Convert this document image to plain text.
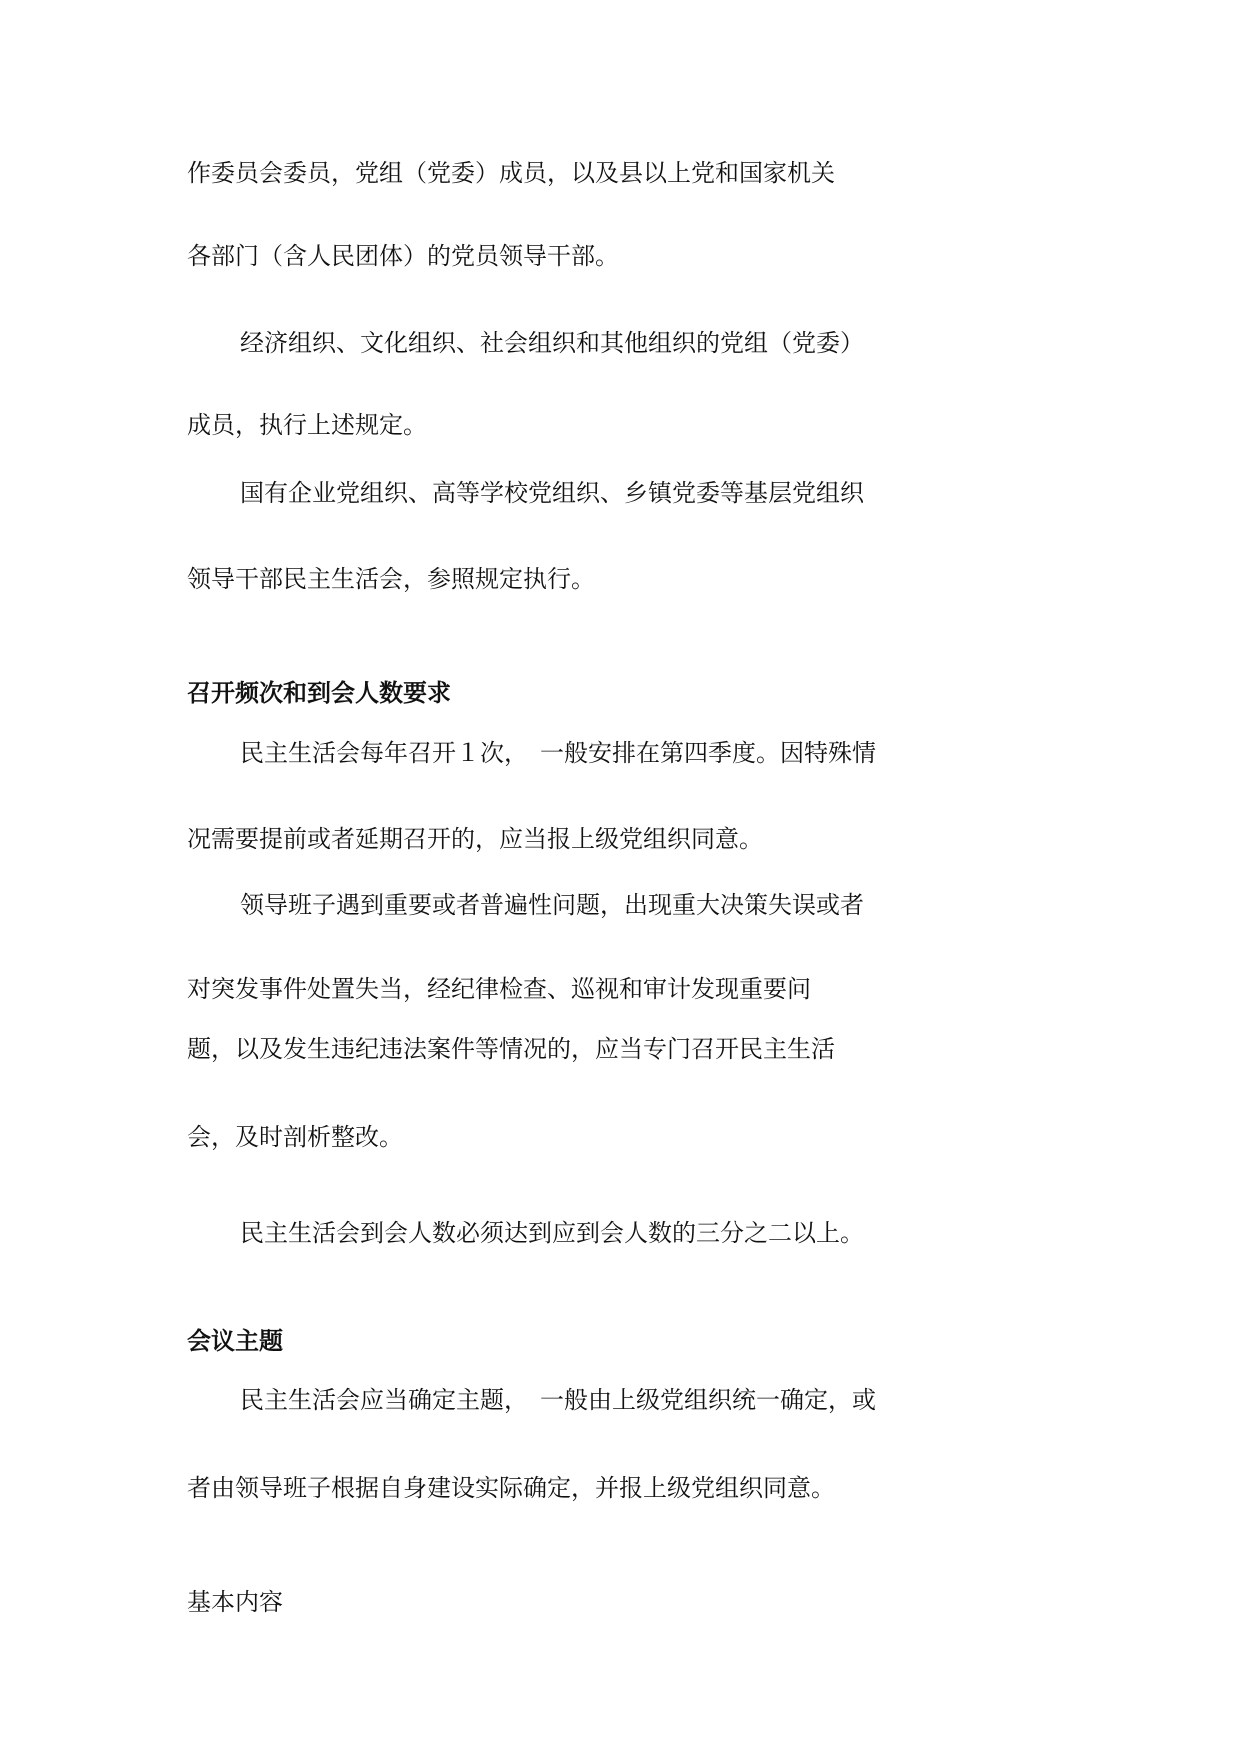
作委员会委员，党组（党委）成员，以及县以上党和国家机关
各部门（含人民团体）的党员领导干部。
经济组织、文化组织、社会组织和其他组织的党组（党委）
成员，执行上述规定。
国有企业党组织、高等学校党组织、乡镇党委等基层党组织
领导干部民主生活会，参照规定执行。
召开频次和到会人数要求
民主生活会每年召开１次，　一般安排在第四季度。因特殊情
况需要提前或者延期召开的，应当报上级党组织同意。
领导班子遇到重要或者普遍性问题，出现重大决策失误或者
对突发事件处置失当，经纪律检查、巡视和审计发现重要问
题，以及发生违纪违法案件等情况的，应当专门召开民主生活
会，及时剖析整改。
民主生活会到会人数必须达到应到会人数的三分之二以上。
会议主题
民主生活会应当确定主题，　一般由上级党组织统一确定，或
者由领导班子根据自身建设实际确定，并报上级党组织同意。
基本内容
